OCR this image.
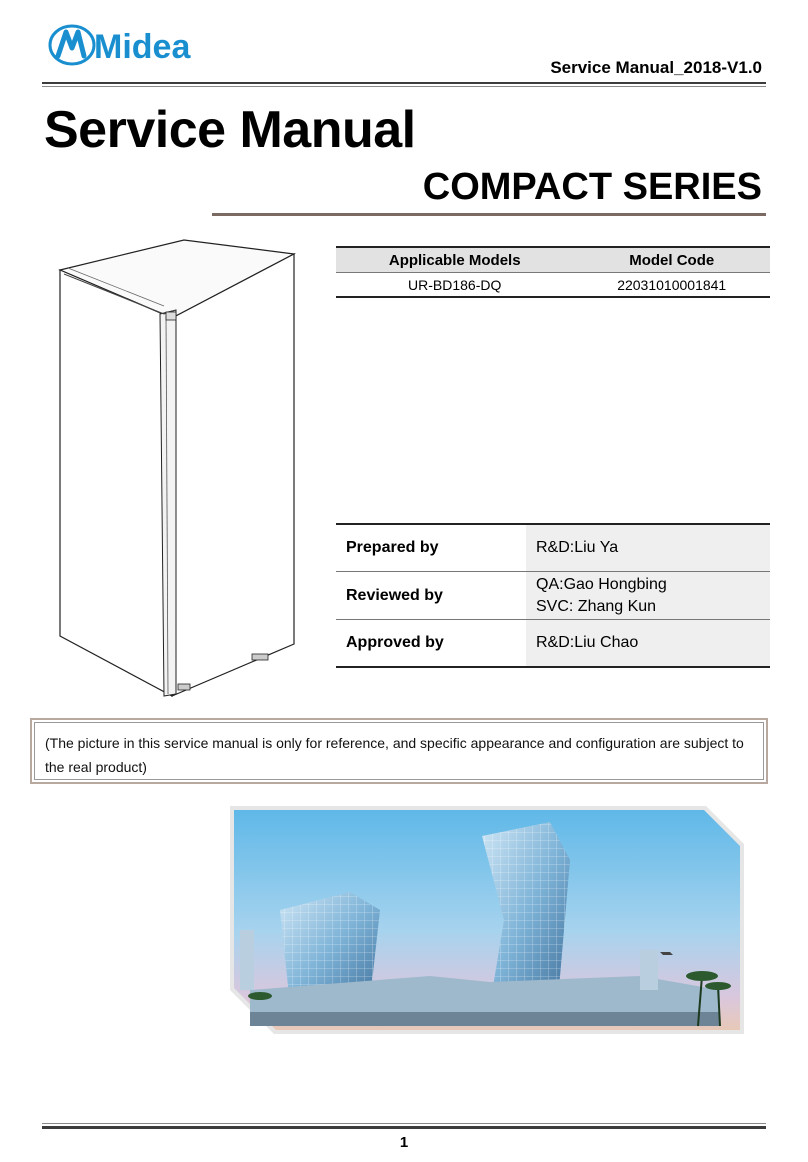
Midea
Service Manual_2018-V1.0
Service Manual
COMPACT SERIES
Applicable Models	Model Code
UR-BD186-DQ	22031010001841
Prepared by	R&D:Liu Ya
Reviewed by	QA:Gao Hongbing
SVC: Zhang Kun

Approved by	R&D:Liu Chao
(The picture in this service manual is only for reference, and specific appearance and configuration are subject to the real product)
1
